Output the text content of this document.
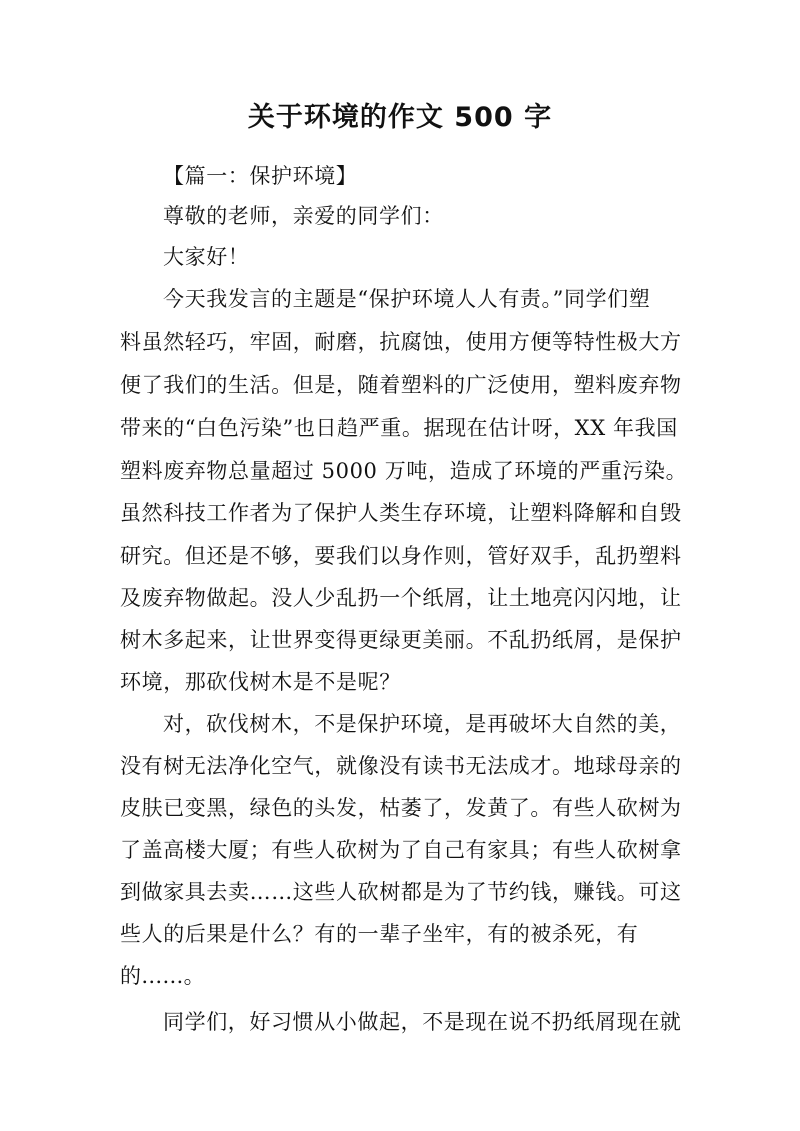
关于环境的作文 500 字
【篇一：保护环境】
尊敬的老师，亲爱的同学们：
大家好！
今天我发言的主题是“保护环境人人有责。”同学们塑
料虽然轻巧，牢固，耐磨，抗腐蚀，使用方便等特性极大方
便了我们的生活。但是，随着塑料的广泛使用，塑料废弃物
带来的“白色污染”也日趋严重。据现在估计呀，XX 年我国
塑料废弃物总量超过 5000 万吨，造成了环境的严重污染。
虽然科技工作者为了保护人类生存环境，让塑料降解和自毁
研究。但还是不够，要我们以身作则，管好双手，乱扔塑料
及废弃物做起。没人少乱扔一个纸屑，让土地亮闪闪地，让
树木多起来，让世界变得更绿更美丽。不乱扔纸屑，是保护
环境，那砍伐树木是不是呢？
对，砍伐树木，不是保护环境，是再破坏大自然的美，
没有树无法净化空气，就像没有读书无法成才。地球母亲的
皮肤已变黑，绿色的头发，枯萎了，发黄了。有些人砍树为
了盖高楼大厦；有些人砍树为了自己有家具；有些人砍树拿
到做家具去卖……这些人砍树都是为了节约钱，赚钱。可这
些人的后果是什么？有的一辈子坐牢，有的被杀死，有
的……。
同学们，好习惯从小做起，不是现在说不扔纸屑现在就
